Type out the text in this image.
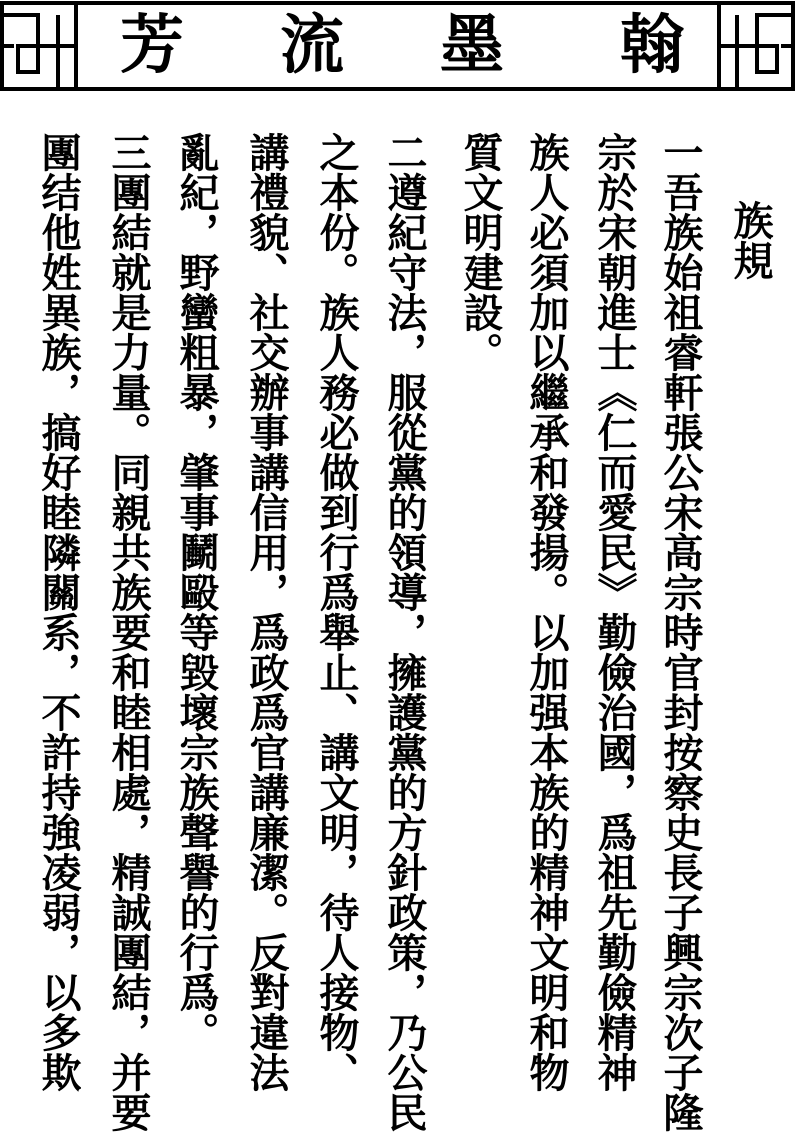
芳 流 墨 翰
族規
一吾族始祖睿軒張公宋高宗時官封按察史長子興宗次子隆
宗於宋朝進士《仁而愛民》勤儉治國，爲祖先勤儉精神
族人必須加以繼承和發揚。以加强本族的精神文明和物
質文明建設。
二遵紀守法，服從黨的領導，擁護黨的方針政策，乃公民
之本份。族人務必做到行爲舉止、講文明，待人接物、
講禮貌、社交辦事講信用，爲政爲官講廉潔。反對違法
亂紀，野蠻粗暴，肇事鬭毆等毀壞宗族聲譽的行爲。
三團結就是力量。同親共族要和睦相處，精誠團結，并要
團结他姓異族，搞好睦隣關系，不許持強凌弱，以多欺
